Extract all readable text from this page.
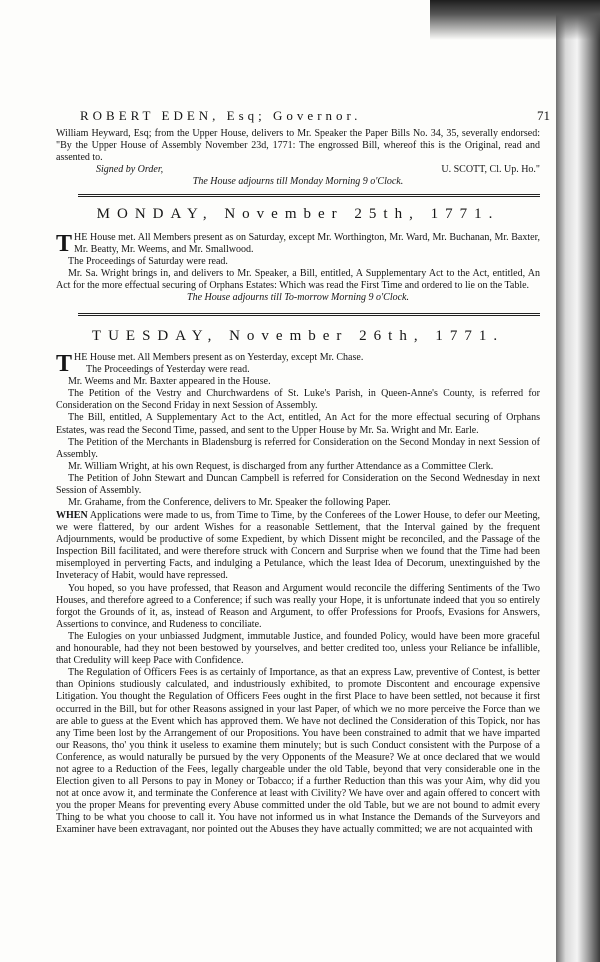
ROBERT EDEN, Esq; Governor.	71

William Heyward, Esq; from the Upper House, delivers to Mr. Speaker the Paper Bills No. 34, 35, severally endorsed: "By the Upper House of Assembly November 23d, 1771: The engrossed Bill, whereof this is the Original, read and assented to.

Signed by Order,	U. SCOTT, Cl. Up. Ho."

The House adjourns till Monday Morning 9 o'Clock.

MONDAY, November 25th, 1771.

THE House met. All Members present as on Saturday, except Mr. Worthington, Mr. Ward, Mr. Buchanan, Mr. Baxter, Mr. Beatty, Mr. Weems, and Mr. Smallwood.

The Proceedings of Saturday were read.

Mr. Sa. Wright brings in, and delivers to Mr. Speaker, a Bill, entitled, A Supplementary Act to the Act, entitled, An Act for the more effectual securing of Orphans Estates: Which was read the First Time and ordered to lie on the Table.

The House adjourns till To-morrow Morning 9 o'Clock.

TUESDAY, November 26th, 1771.

THE House met. All Members present as on Yesterday, except Mr. Chase.

The Proceedings of Yesterday were read.

Mr. Weems and Mr. Baxter appeared in the House.

The Petition of the Vestry and Churchwardens of St. Luke's Parish, in Queen-Anne's County, is referred for Consideration on the Second Friday in next Session of Assembly.

The Bill, entitled, A Supplementary Act to the Act, entitled, An Act for the more effectual securing of Orphans Estates, was read the Second Time, passed, and sent to the Upper House by Mr. Sa. Wright and Mr. Earle.

The Petition of the Merchants in Bladensburg is referred for Consideration on the Second Monday in next Session of Assembly.

Mr. William Wright, at his own Request, is discharged from any further Attendance as a Committee Clerk.

The Petition of John Stewart and Duncan Campbell is referred for Consideration on the Second Wednesday in next Session of Assembly.

Mr. Grahame, from the Conference, delivers to Mr. Speaker the following Paper.

WHEN Applications were made to us, from Time to Time, by the Conferees of the Lower House, to defer our Meeting, we were flattered, by our ardent Wishes for a reasonable Settlement, that the Interval gained by the frequent Adjournments, would be productive of some Expedient, by which Dissent might be reconciled, and the Passage of the Inspection Bill facilitated, and were therefore struck with Concern and Surprise when we found that the Time had been misemployed in perverting Facts, and indulging a Petulance, which the least Idea of Decorum, unextinguished by the Inveteracy of Habit, would have repressed.

You hoped, so you have professed, that Reason and Argument would reconcile the differing Sentiments of the Two Houses, and therefore agreed to a Conference; if such was really your Hope, it is unfortunate indeed that you so entirely forgot the Grounds of it, as, instead of Reason and Argument, to offer Professions for Proofs, Evasions for Answers, Assertions to convince, and Rudeness to conciliate.

The Eulogies on your unbiassed Judgment, immutable Justice, and founded Policy, would have been more graceful and honourable, had they not been bestowed by yourselves, and better credited too, unless your Reliance be infallible, that Credulity will keep Pace with Confidence.

The Regulation of Officers Fees is as certainly of Importance, as that an express Law, preventive of Contest, is better than Opinions studiously calculated, and industriously exhibited, to promote Discontent and encourage expensive Litigation. You thought the Regulation of Officers Fees ought in the first Place to have been settled, not because it first occurred in the Bill, but for other Reasons assigned in your last Paper, of which we no more perceive the Force than we are able to guess at the Event which has approved them. We have not declined the Consideration of this Topick, nor has any Time been lost by the Arrangement of our Propositions. You have been constrained to admit that we have imparted our Reasons, tho' you think it useless to examine them minutely; but is such Conduct consistent with the Purpose of a Conference, as would naturally be pursued by the very Opponents of the Measure? We at once declared that we would not agree to a Reduction of the Fees, legally chargeable under the old Table, beyond that very considerable one in the Election given to all Persons to pay in Money or Tobacco; if a further Reduction than this was your Aim, why did you not at once avow it, and terminate the Conference at least with Civility? We have over and again offered to concert with you the proper Means for preventing every Abuse committed under the old Table, but we are not bound to admit every Thing to be what you choose to call it. You have not informed us in what Instance the Demands of the Surveyors and Examiner have been extravagant, nor pointed out the Abuses they have actually committed; we are not acquainted with
